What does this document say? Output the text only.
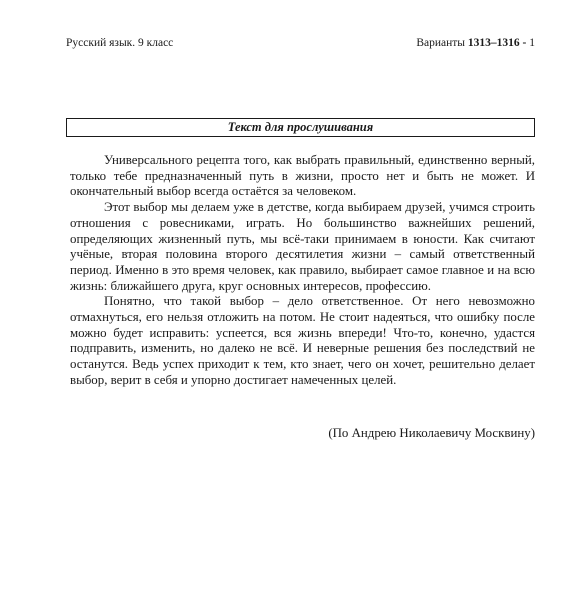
Русский язык. 9 класс	Варианты 1313–1316 - 1
Текст для прослушивания

Универсального рецепта того, как выбрать правильный, единственно верный, только тебе предназначенный путь в жизни, просто нет и быть не может. И окончательный выбор всегда остаётся за человеком.

Этот выбор мы делаем уже в детстве, когда выбираем друзей, учимся строить отношения с ровесниками, играть. Но большинство важнейших решений, определяющих жизненный путь, мы всё-таки принимаем в юности. Как считают учёные, вторая половина второго десятилетия жизни – самый ответственный период. Именно в это время человек, как правило, выбирает самое главное и на всю жизнь: ближайшего друга, круг основных интересов, профессию.

Понятно, что такой выбор – дело ответственное. От него невозможно отмахнуться, его нельзя отложить на потом. Не стоит надеяться, что ошибку после можно будет исправить: успеется, вся жизнь впереди! Что-то, конечно, удастся подправить, изменить, но далеко не всё. И неверные решения без последствий не останутся. Ведь успех приходит к тем, кто знает, чего он хочет, решительно делает выбор, верит в себя и упорно достигает намеченных целей.

(По Андрею Николаевичу Москвину)
